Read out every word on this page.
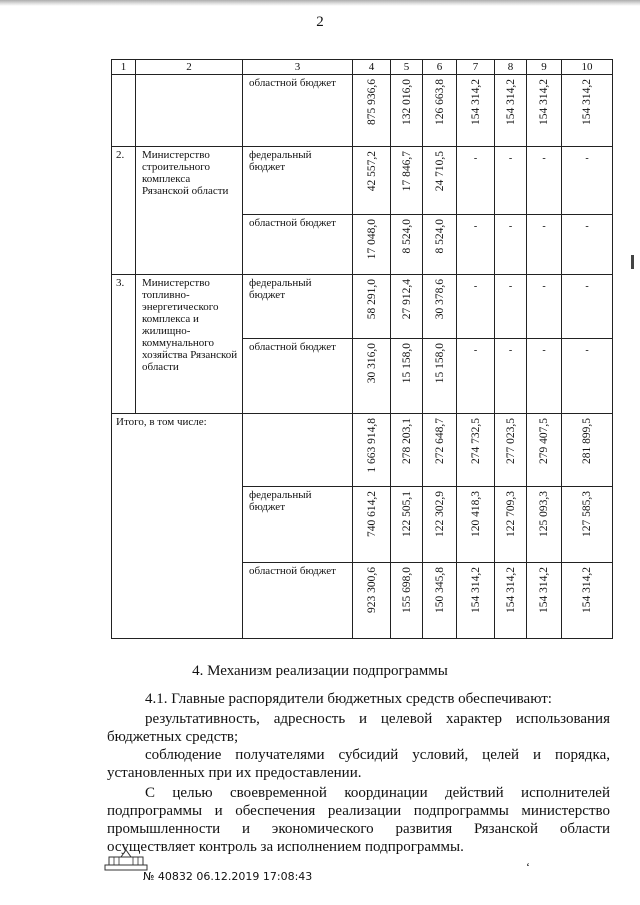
2
1	2	3	4	5	6	7	8	9	10

		областной бюджет	875 936,6	132 016,0	126 663,8	154 314,2	154 314,2	154 314,2	154 314,2

2.	Министерство строительного комплекса Рязанской области	федеральный бюджет	42 557,2	17 846,7	24 710,5	-	-	-	-

		областной бюджет	17 048,0	8 524,0	8 524,0	-	-	-	-

3.	Министерство топливно-энергетического комплекса и жилищно-коммунального хозяйства Рязанской области	федеральный бюджет	58 291,0	27 912,4	30 378,6	-	-	-	-

		областной бюджет	30 316,0	15 158,0	15 158,0	-	-	-	-

Итого, в том числе:			1 663 914,8	278 203,1	272 648,7	274 732,5	277 023,5	279 407,5	281 899,5

		федеральный бюджет	740 614,2	122 505,1	122 302,9	120 418,3	122 709,3	125 093,3	127 585,3

		областной бюджет	923 300,6	155 698,0	150 345,8	154 314,2	154 314,2	154 314,2	154 314,2
4. Механизм реализации подпрограммы

4.1. Главные распорядители бюджетных средств обеспечивают:

результативность, адресность и целевой характер использования

бюджетных средств;

соблюдение получателями субсидий условий, целей и порядка,

установленных при их предоставлении.

С целью своевременной координации действий исполнителей

подпрограммы и обеспечения реализации подпрограммы министерство

промышленности и экономического развития Рязанской области

осуществляет контроль за исполнением подпрограммы.

№ 40832 06.12.2019 17:08:43
ʻ
